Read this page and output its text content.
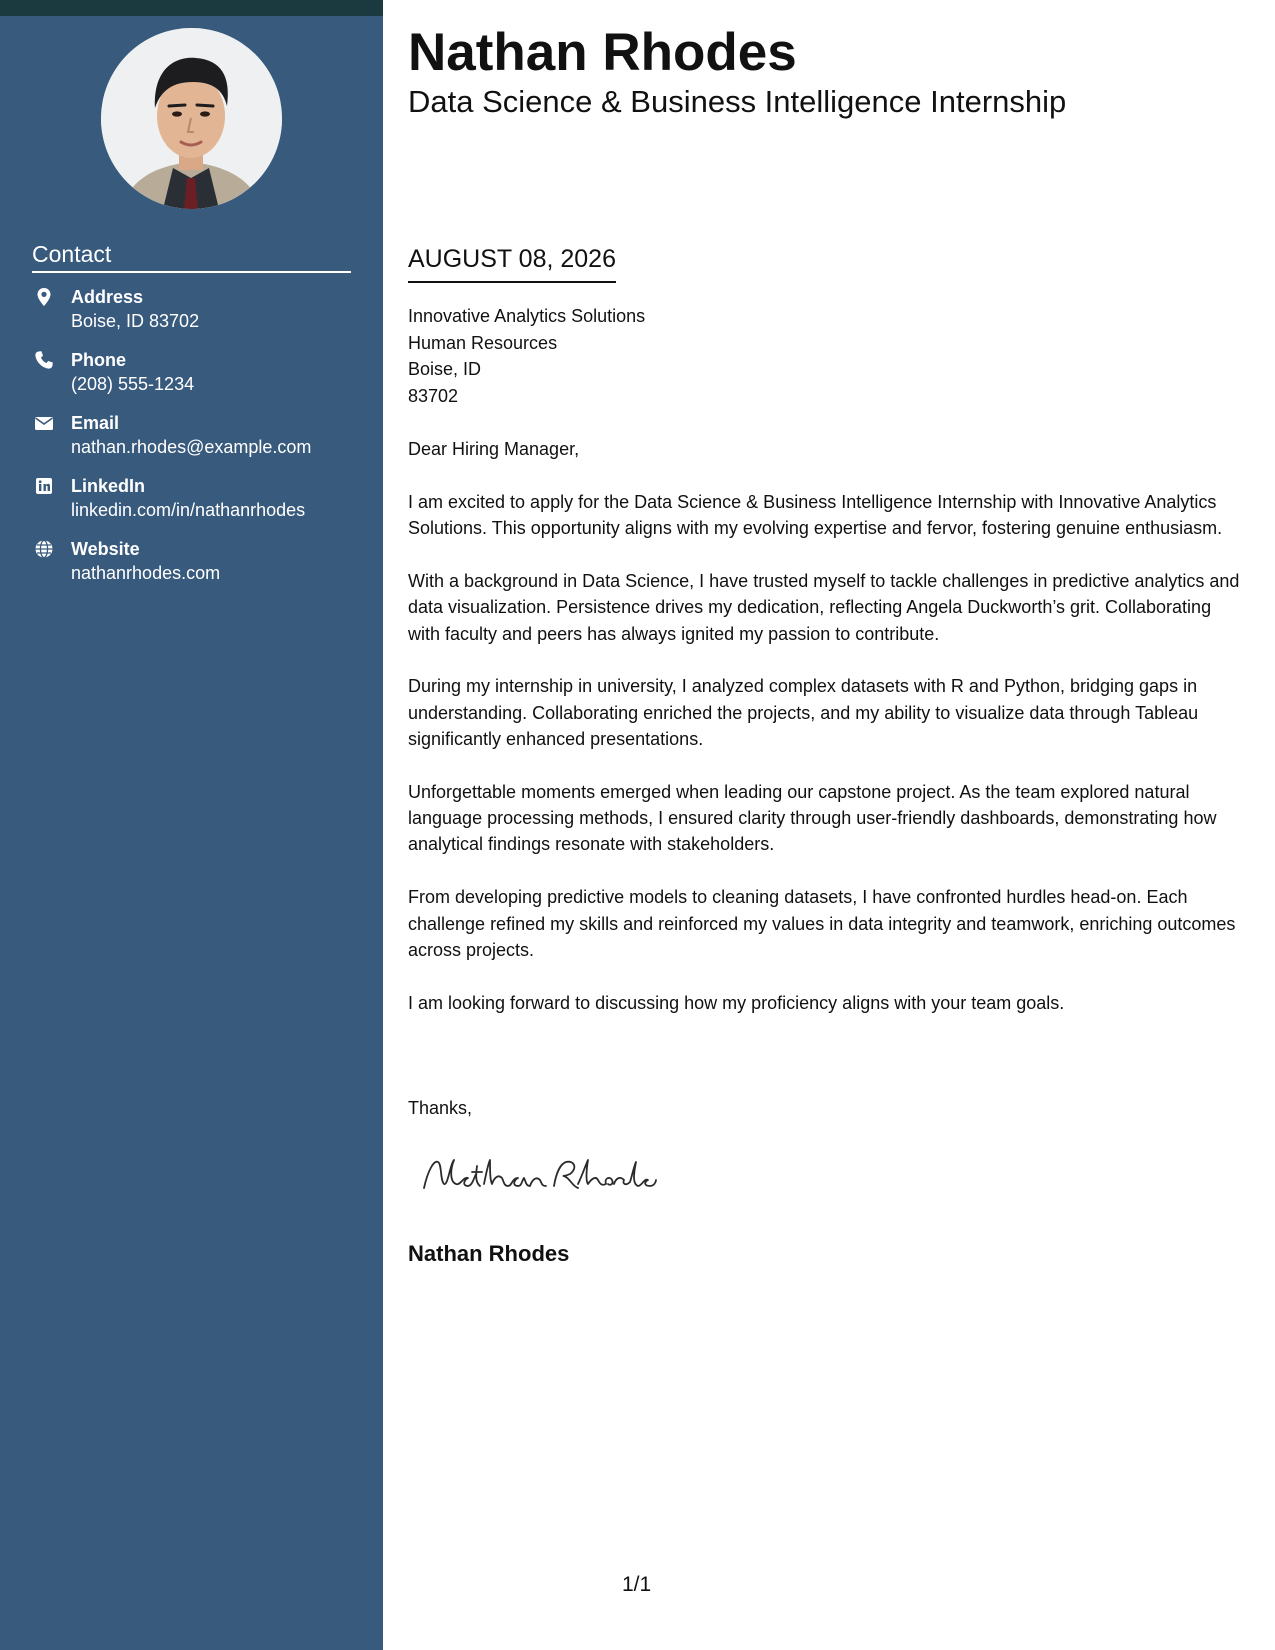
Contact
Address
Boise, ID 83702
Phone
(208) 555-1234
Email
nathan.rhodes@example.com
LinkedIn
linkedin.com/in/nathanrhodes
Website
nathanrhodes.com
Nathan Rhodes
Data Science & Business Intelligence Internship
AUGUST 08, 2026
Innovative Analytics Solutions
Human Resources
Boise, ID
83702
Dear Hiring Manager,

I am excited to apply for the Data Science & Business Intelligence Internship with Innovative Analytics Solutions. This opportunity aligns with my evolving expertise and fervor, fostering genuine enthusiasm.

With a background in Data Science, I have trusted myself to tackle challenges in predictive analytics and data visualization. Persistence drives my dedication, reflecting Angela Duckworth’s grit. Collaborating with faculty and peers has always ignited my passion to contribute.

During my internship in university, I analyzed complex datasets with R and Python, bridging gaps in understanding. Collaborating enriched the projects, and my ability to visualize data through Tableau significantly enhanced presentations.

Unforgettable moments emerged when leading our capstone project. As the team explored natural language processing methods, I ensured clarity through user-friendly dashboards, demonstrating how analytical findings resonate with stakeholders.

From developing predictive models to cleaning datasets, I have confronted hurdles head-on. Each challenge refined my skills and reinforced my values in data integrity and teamwork, enriching outcomes across projects.

I am looking forward to discussing how my proficiency aligns with your team goals.

Thanks,
Nathan Rhodes
1/1
